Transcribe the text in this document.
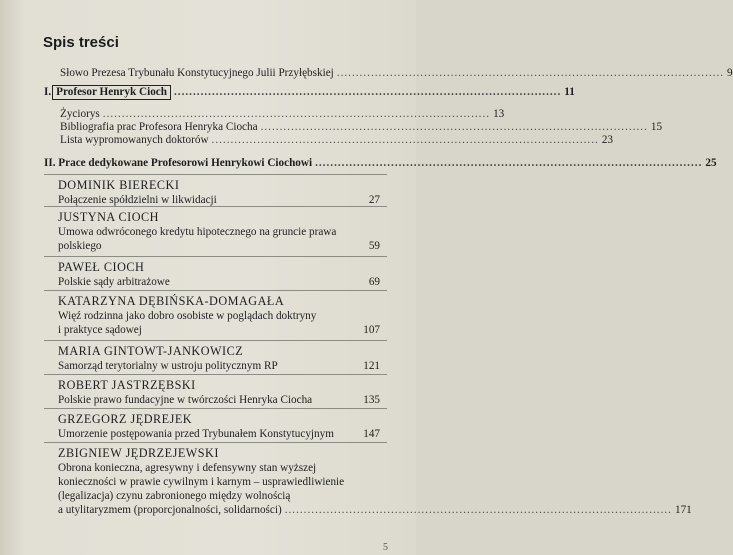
Spis treści
Słowo Prezesa Trybunału Konstytucyjnego Julii Przyłębskiej .....	9
I. Profesor Henryk Cioch .....	11
Życiorys .....	13
Bibliografia prac Profesora Henryka Ciocha .....	15
Lista wypromowanych doktorów .....	23
II. Prace dedykowane Profesorowi Henrykowi Ciochowi .....	25
DOMINIK BIERECKI
Połączenie spółdzielni w likwidacji	27
JUSTYNA CIOCH
Umowa odwróconego kredytu hipotecznego na gruncie prawa
polskiego	59
PAWEŁ CIOCH
Polskie sądy arbitrażowe	69
KATARZYNA DĘBIŃSKA-DOMAGAŁA
Więź rodzinna jako dobro osobiste w poglądach doktryny
i praktyce sądowej	107
MARIA GINTOWT-JANKOWICZ
Samorząd terytorialny w ustroju politycznym RP	121
ROBERT JASTRZĘBSKI
Polskie prawo fundacyjne w twórczości Henryka Ciocha	135
GRZEGORZ JĘDREJEK
Umorzenie postępowania przed Trybunałem Konstytucyjnym	147
ZBIGNIEW JĘDRZEJEWSKI
Obrona konieczna, agresywny i defensywny stan wyższej
konieczności w prawie cywilnym i karnym – usprawiedliwienie
(legalizacja) czynu zabronionego między wolnością
a utylitaryzmem (proporcjonalności, solidarności) .....	171
5
